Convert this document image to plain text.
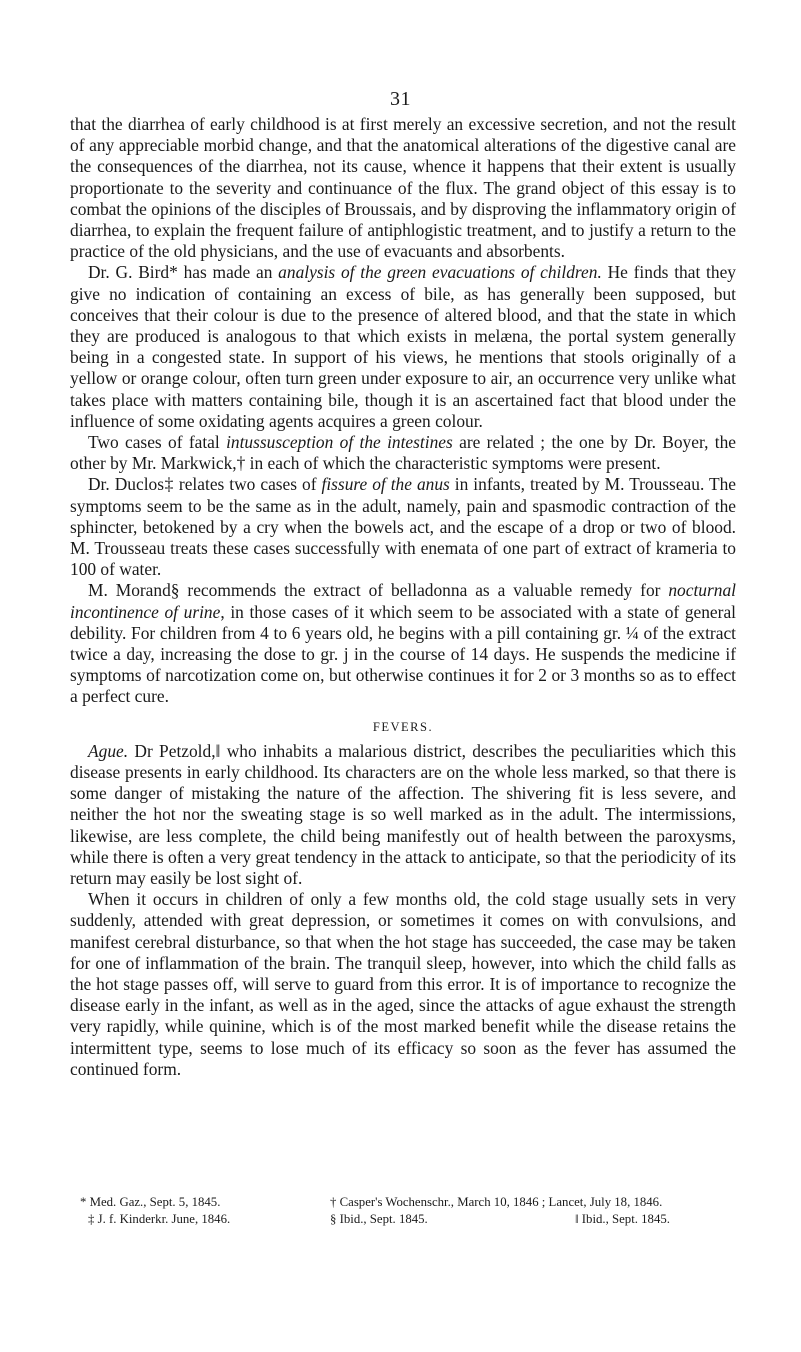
31

that the diarrhea of early childhood is at first merely an excessive secretion, and not the result of any appreciable morbid change, and that the anatomical alterations of the digestive canal are the consequences of the diarrhea, not its cause, whence it happens that their extent is usually proportionate to the severity and continuance of the flux. The grand object of this essay is to combat the opinions of the disciples of Broussais, and by disproving the inflammatory origin of diarrhea, to explain the frequent failure of antiphlogistic treatment, and to justify a return to the practice of the old physicians, and the use of evacuants and absorbents.

Dr. G. Bird* has made an analysis of the green evacuations of children. He finds that they give no indication of containing an excess of bile, as has generally been supposed, but conceives that their colour is due to the presence of altered blood, and that the state in which they are produced is analogous to that which exists in melæna, the portal system generally being in a congested state. In support of his views, he mentions that stools originally of a yellow or orange colour, often turn green under exposure to air, an occurrence very unlike what takes place with matters containing bile, though it is an ascertained fact that blood under the influence of some oxidating agents acquires a green colour.

Two cases of fatal intussusception of the intestines are related ; the one by Dr. Boyer, the other by Mr. Markwick,† in each of which the characteristic symptoms were present.

Dr. Duclos‡ relates two cases of fissure of the anus in infants, treated by M. Trousseau. The symptoms seem to be the same as in the adult, namely, pain and spasmodic contraction of the sphincter, betokened by a cry when the bowels act, and the escape of a drop or two of blood. M. Trousseau treats these cases successfully with enemata of one part of extract of krameria to 100 of water.

M. Morand§ recommends the extract of belladonna as a valuable remedy for nocturnal incontinence of urine, in those cases of it which seem to be associated with a state of general debility. For children from 4 to 6 years old, he begins with a pill containing gr. ¼ of the extract twice a day, increasing the dose to gr. j in the course of 14 days. He suspends the medicine if symptoms of narcotization come on, but otherwise continues it for 2 or 3 months so as to effect a perfect cure.

FEVERS.

Ague. Dr Petzold,‖ who inhabits a malarious district, describes the peculiarities which this disease presents in early childhood. Its characters are on the whole less marked, so that there is some danger of mistaking the nature of the affection. The shivering fit is less severe, and neither the hot nor the sweating stage is so well marked as in the adult. The intermissions, likewise, are less complete, the child being manifestly out of health between the paroxysms, while there is often a very great tendency in the attack to anticipate, so that the periodicity of its return may easily be lost sight of.

When it occurs in children of only a few months old, the cold stage usually sets in very suddenly, attended with great depression, or sometimes it comes on with convulsions, and manifest cerebral disturbance, so that when the hot stage has succeeded, the case may be taken for one of inflammation of the brain. The tranquil sleep, however, into which the child falls as the hot stage passes off, will serve to guard from this error. It is of importance to recognize the disease early in the infant, as well as in the aged, since the attacks of ague exhaust the strength very rapidly, while quinine, which is of the most marked benefit while the disease retains the intermittent type, seems to lose much of its efficacy so soon as the fever has assumed the continued form.

* Med. Gaz., Sept. 5, 1845.	† Casper's Wochenschr., March 10, 1846 ; Lancet, July 18, 1846.
‡ J. f. Kinderkr. June, 1846.	§ Ibid., Sept. 1845.	‖ Ibid., Sept. 1845.
